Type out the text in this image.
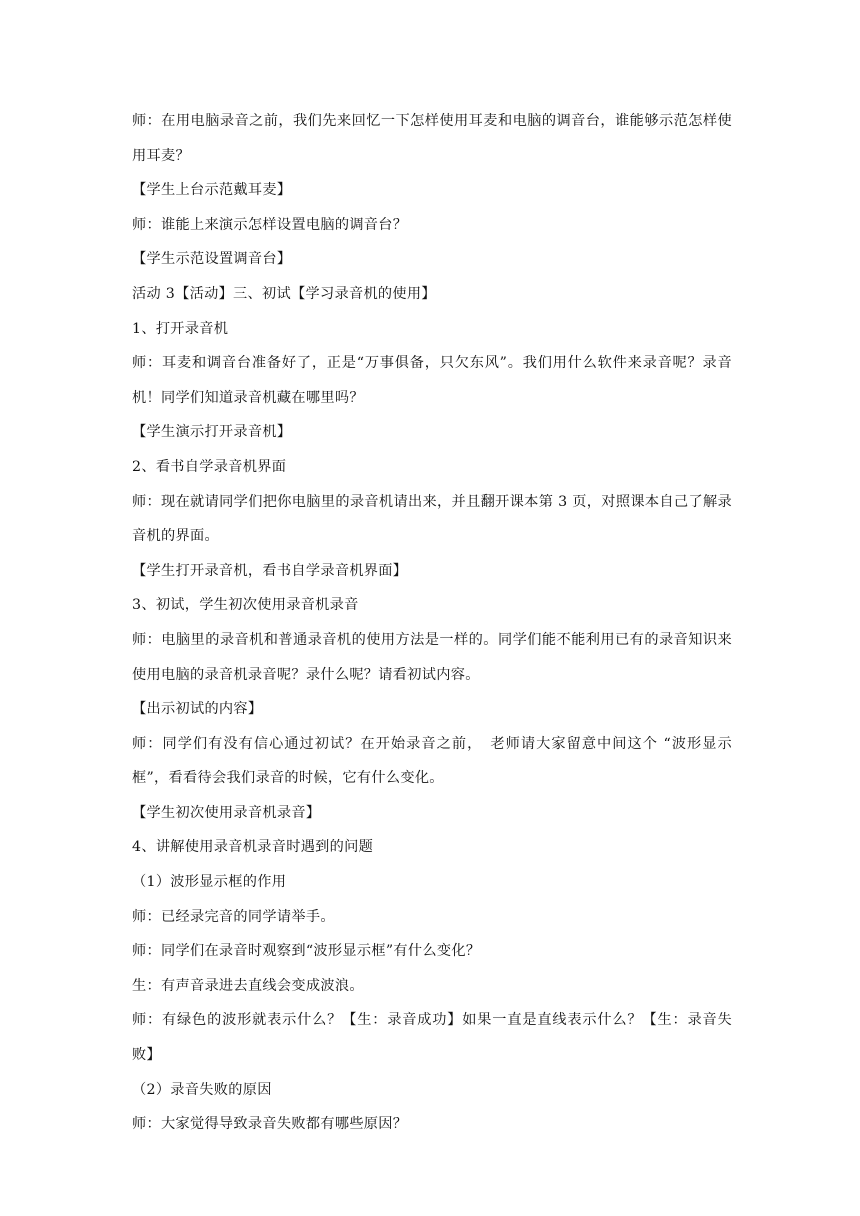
师：在用电脑录音之前，我们先来回忆一下怎样使用耳麦和电脑的调音台，谁能够示范怎样使用耳麦？

【学生上台示范戴耳麦】

师：谁能上来演示怎样设置电脑的调音台？

【学生示范设置调音台】

活动 3【活动】三、初试【学习录音机的使用】

1、打开录音机

师：耳麦和调音台准备好了，正是“万事俱备，只欠东风”。我们用什么软件来录音呢？录音机！同学们知道录音机藏在哪里吗？

【学生演示打开录音机】

2、看书自学录音机界面

师：现在就请同学们把你电脑里的录音机请出来，并且翻开课本第 3 页，对照课本自己了解录音机的界面。

【学生打开录音机，看书自学录音机界面】

3、初试，学生初次使用录音机录音

师：电脑里的录音机和普通录音机的使用方法是一样的。同学们能不能利用已有的录音知识来使用电脑的录音机录音呢？录什么呢？请看初试内容。

【出示初试的内容】

师：同学们有没有信心通过初试？在开始录音之前，　老师请大家留意中间这个 “波形显示框”，看看待会我们录音的时候，它有什么变化。

【学生初次使用录音机录音】

4、讲解使用录音机录音时遇到的问题

（1）波形显示框的作用

师：已经录完音的同学请举手。

师：同学们在录音时观察到“波形显示框”有什么变化？

生：有声音录进去直线会变成波浪。

师：有绿色的波形就表示什么？【生：录音成功】如果一直是直线表示什么？【生：录音失败】

（2）录音失败的原因

师：大家觉得导致录音失败都有哪些原因？
